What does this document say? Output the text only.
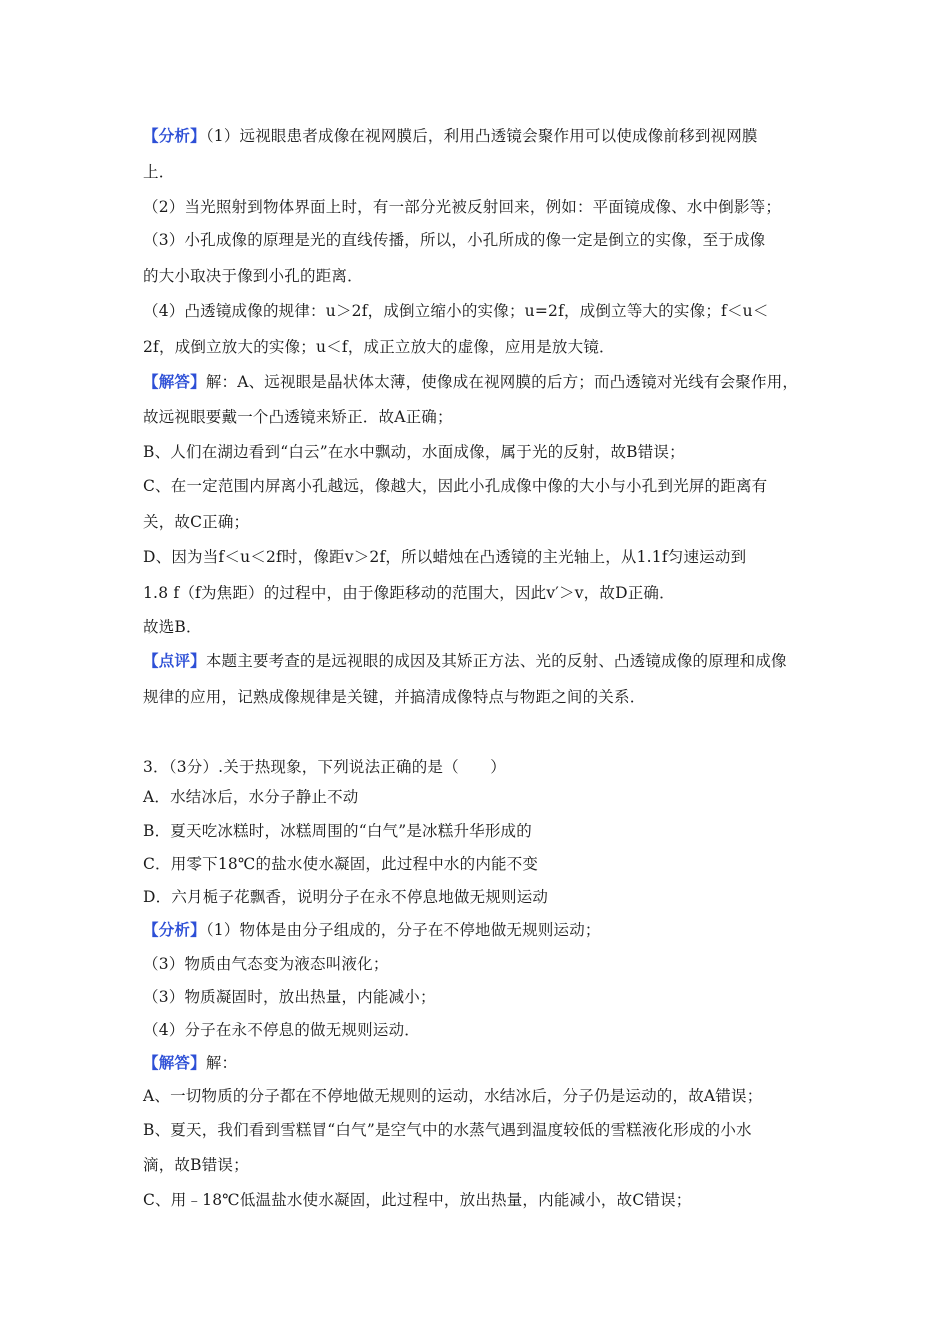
【分析】（1）远视眼患者成像在视网膜后，利用凸透镜会聚作用可以使成像前移到视网膜
上．
（2）当光照射到物体界面上时，有一部分光被反射回来，例如：平面镜成像、水中倒影等；
（3）小孔成像的原理是光的直线传播，所以，小孔所成的像一定是倒立的实像，至于成像
的大小取决于像到小孔的距离．
（4）凸透镜成像的规律：u＞2f，成倒立缩小的实像；u=2f，成倒立等大的实像；f＜u＜
2f，成倒立放大的实像；u＜f，成正立放大的虚像，应用是放大镜．
【解答】解：A、远视眼是晶状体太薄，使像成在视网膜的后方；而凸透镜对光线有会聚作用，
故远视眼要戴一个凸透镜来矫正．故A正确；
B、人们在湖边看到“白云”在水中飘动，水面成像，属于光的反射，故B错误；
C、在一定范围内屏离小孔越远，像越大，因此小孔成像中像的大小与小孔到光屏的距离有
关，故C正确；
D、因为当f＜u＜2f时，像距v＞2f，所以蜡烛在凸透镜的主光轴上，从1.1f匀速运动到
1.8 f（f为焦距）的过程中，由于像距移动的范围大，因此v′＞v，故D正确．
故选B．
【点评】本题主要考查的是远视眼的成因及其矫正方法、光的反射、凸透镜成像的原理和成像
规律的应用，记熟成像规律是关键，并搞清成像特点与物距之间的关系．
3．（3分）.关于热现象，下列说法正确的是（　　）
A．水结冰后，水分子静止不动
B．夏天吃冰糕时，冰糕周围的“白气”是冰糕升华形成的
C．用零下18℃的盐水使水凝固，此过程中水的内能不变
D．六月栀子花飘香，说明分子在永不停息地做无规则运动
【分析】（1）物体是由分子组成的，分子在不停地做无规则运动；
（3）物质由气态变为液态叫液化；
（3）物质凝固时，放出热量，内能减小；
（4）分子在永不停息的做无规则运动．
【解答】解：
A、一切物质的分子都在不停地做无规则的运动，水结冰后，分子仍是运动的，故A错误；
B、夏天，我们看到雪糕冒“白气”是空气中的水蒸气遇到温度较低的雪糕液化形成的小水
滴，故B错误；
C、用﹣18℃低温盐水使水凝固，此过程中，放出热量，内能减小，故C错误；
